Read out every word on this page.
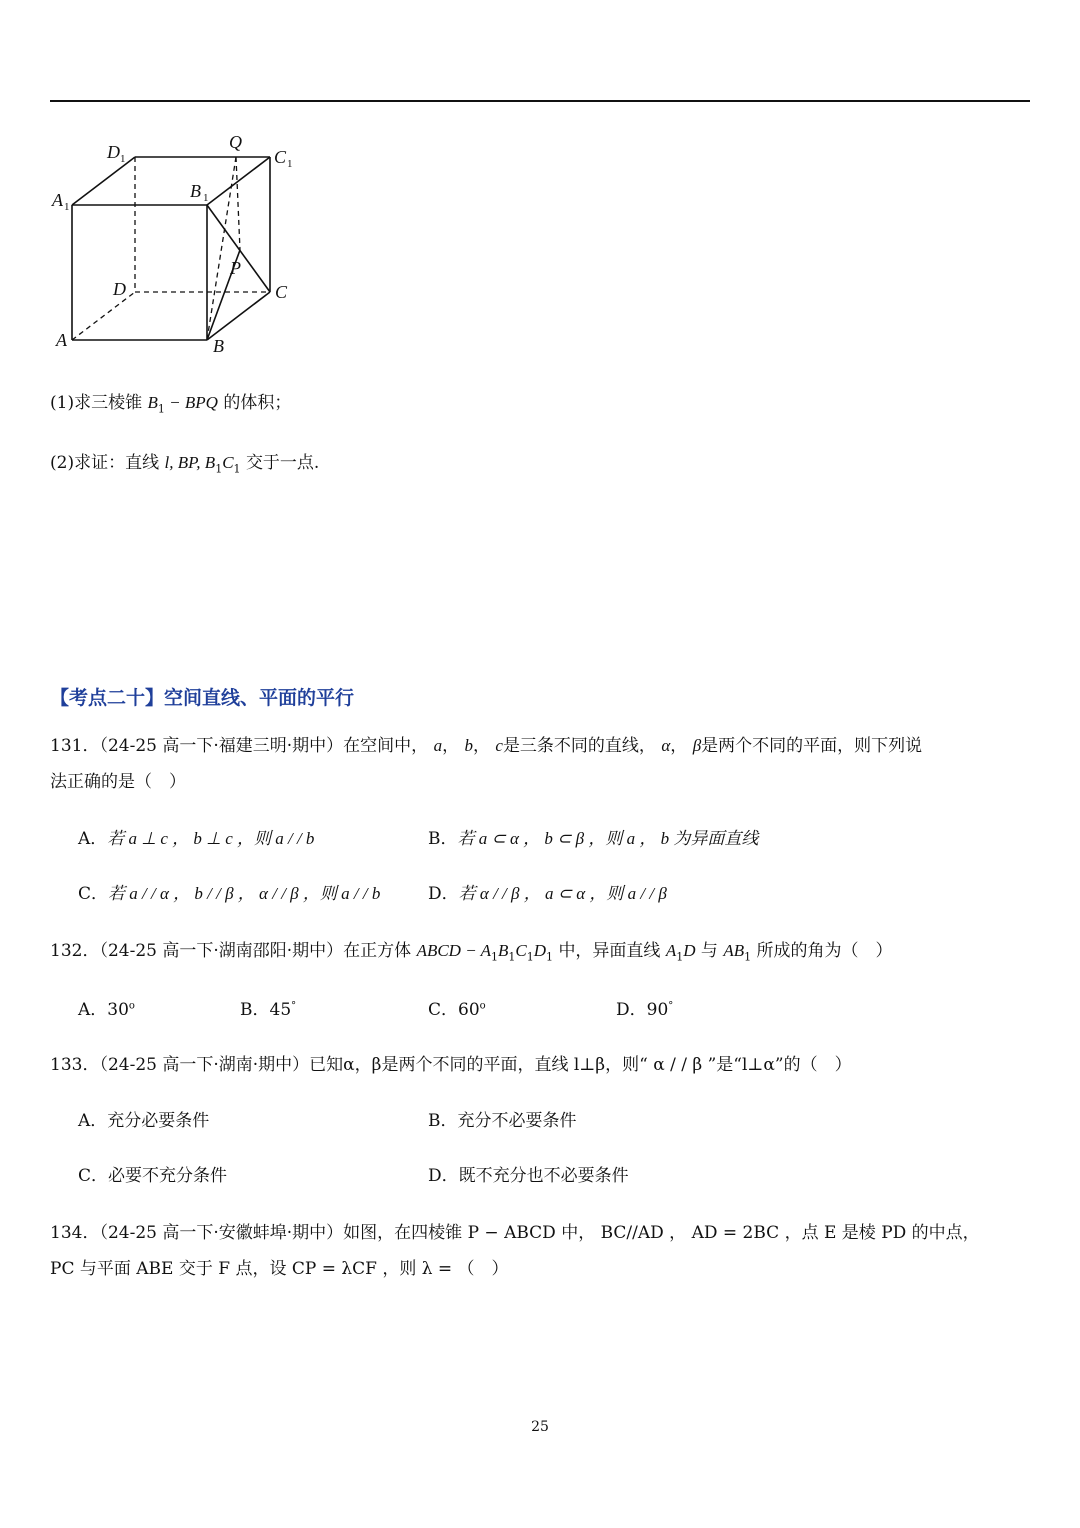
D 1
Q
C 1
A 1
B 1
P
D	C
A	B
(1)求三棱锥 $B_1$ − BPQ 的体积；
(2)求证：直线 l, BP, $B_1C_1$ 交于一点.
【考点二十】空间直线、平面的平行
131．（24-25 高一下·福建三明·期中）在空间中， a， b， c是三条不同的直线， α， β是两个不同的平面，则下列说
法正确的是（　）
A．若 a ⊥ c ， b ⊥ c ，则 a / / b	B．若 a ⊂ α ， b ⊂ β ，则 a ， b 为异面直线
C．若 a / / α ， b / / β ， α / / β ，则 a / / b	D．若 α / / β ， a ⊂ α ，则 a / / β
132．（24-25 高一下·湖南邵阳·期中）在正方体 ABCD − $A_1B_1C_1D_1$ 中，异面直线 $A_1D$ 与 $AB_1$ 所成的角为（　）
A．30$^o$	B．45°	C．60$^o$	D．90°
133．（24-25 高一下·湖南·期中）已知α，β是两个不同的平面，直线 l⊥β，则“ α / / β ”是“l⊥α”的（　）
A．充分必要条件	B．充分不必要条件
C．必要不充分条件	D．既不充分也不必要条件
134．（24-25 高一下·安徽蚌埠·期中）如图，在四棱锥 P − ABCD 中， BC//AD ， AD = 2BC ，点 E 是棱 PD 的中点，
PC 与平面 ABE 交于 F 点，设 CP = λCF ，则 λ = （　）
25
